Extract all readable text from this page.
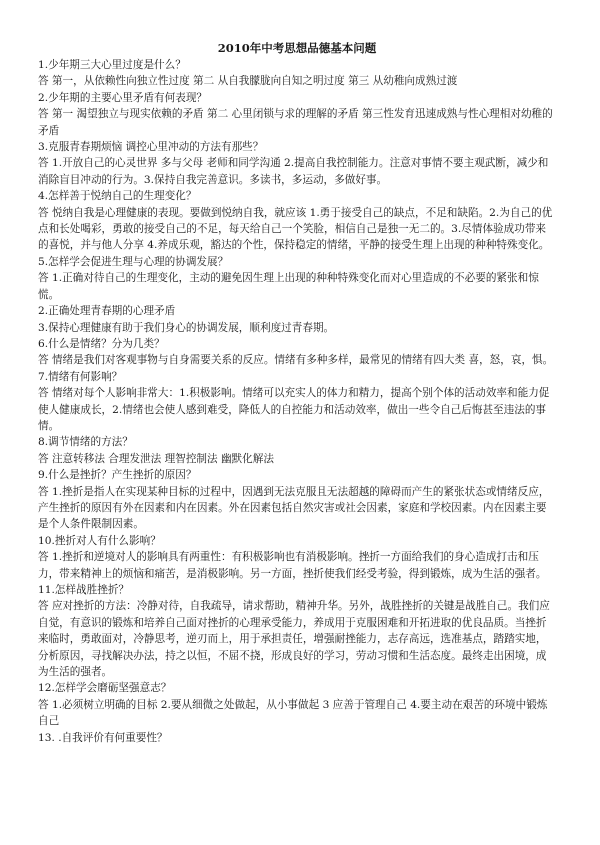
2010年中考思想品德基本问题

1.少年期三大心里过度是什么？

答 第一，从依赖性向独立性过度 第二 从自我朦胧向自知之明过度 第三 从幼稚向成熟过渡

2.少年期的主要心里矛盾有何表现？

答 第一 渴望独立与现实依赖的矛盾 第二 心里闭锁与求的理解的矛盾 第三性发育迅速成熟与性心理相对幼稚的矛盾

3.克服青春期烦恼 调控心里冲动的方法有那些？

答 1.开放自己的心灵世界 多与父母 老师和同学沟通 2.提高自我控制能力。注意对事情不要主观武断，减少和消除盲目冲动的行为。3.保持自我完善意识。多读书，多运动，多做好事。

4.怎样善于悦纳自己的生理变化？

答 悦纳自我是心理健康的表现。要做到悦纳自我，就应该 1.勇于接受自己的缺点，不足和缺陷。2.为自己的优点和长处喝彩，勇敢的接受自己的不足，每天给自己一个笑脸，相信自己是独一无二的。3.尽情体验成功带来的喜悦，并与他人分享 4.养成乐观，豁达的个性，保持稳定的情绪，平静的接受生理上出现的种种特殊变化。

5.怎样学会促进生理与心理的协调发展？

答 1.正确对待自己的生理变化，主动的避免因生理上出现的种种特殊变化而对心里造成的不必要的紧张和惊慌。

2.正确处理青春期的心理矛盾

3.保持心理健康有助于我们身心的协调发展，顺利度过青春期。

6.什么是情绪？分为几类？

答 情绪是我们对客观事物与自身需要关系的反应。情绪有多种多样，最常见的情绪有四大类 喜，怒，哀，惧。

7.情绪有何影响？

答 情绪对每个人影响非常大：1.积极影响。情绪可以充实人的体力和精力，提高个别个体的活动效率和能力促使人健康成长，2.情绪也会使人感到难受，降低人的自控能力和活动效率，做出一些令自己后悔甚至违法的事情。

8.调节情绪的方法？

答 注意转移法 合理发泄法 理智控制法 幽默化解法

9.什么是挫折？产生挫折的原因？

答 1.挫折是指人在实现某种目标的过程中，因遇到无法克服且无法超越的障碍而产生的紧张状态或情绪反应，产生挫折的原因有外在因素和内在因素。外在因素包括自然灾害或社会因素，家庭和学校因素。内在因素主要是个人条件限制因素。

10.挫折对人有什么影响？

答 1.挫折和逆境对人的影响具有两重性：有积极影响也有消极影响。挫折一方面给我们的身心造成打击和压力，带来精神上的烦恼和痛苦，是消极影响。另一方面，挫折使我们经受考验，得到锻炼，成为生活的强者。

11.怎样战胜挫折？

答 应对挫折的方法：冷静对待，自我疏导，请求帮助，精神升华。另外，战胜挫折的关键是战胜自己。我们应自觉，有意识的锻炼和培养自己面对挫折的心理承受能力，养成用于克服困难和开拓进取的优良品质。当挫折来临时，勇敢面对，冷静思考，逆刃而上，用于承担责任，增强耐挫能力，志存高远，选准基点，踏踏实地，分析原因，寻找解决办法，持之以恒，不屈不挠，形成良好的学习，劳动习惯和生活态度。最终走出困境，成为生活的强者。

12.怎样学会磨砺坚强意志？

答 1.必须树立明确的目标 2.要从细微之处做起，从小事做起 3 应善于管理自己 4.要主动在艰苦的环境中锻炼自己

13. .自我评价有何重要性？
